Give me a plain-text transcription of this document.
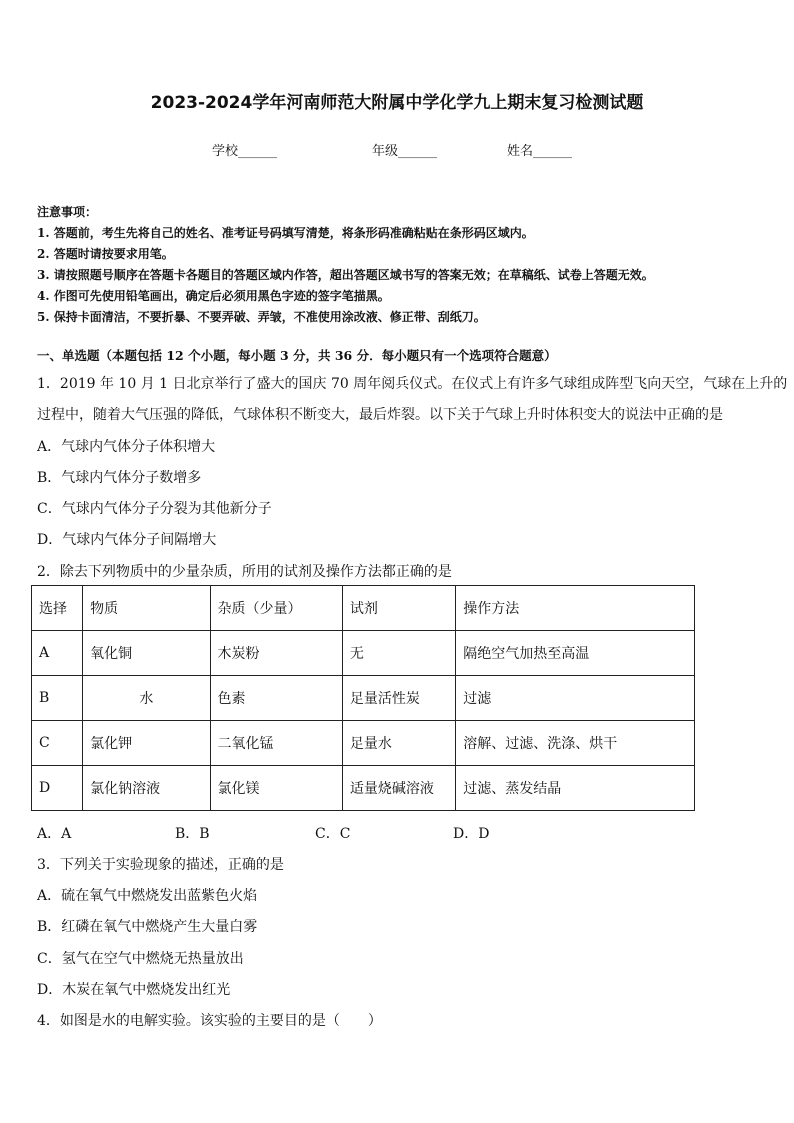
2023-2024学年河南师范大附属中学化学九上期末复习检测试题
学校______	年级______	姓名______
注意事项：
1. 答题前，考生先将自己的姓名、准考证号码填写清楚，将条形码准确粘贴在条形码区域内。
2. 答题时请按要求用笔。
3. 请按照题号顺序在答题卡各题目的答题区域内作答，超出答题区域书写的答案无效；在草稿纸、试卷上答题无效。
4. 作图可先使用铅笔画出，确定后必须用黑色字迹的签字笔描黑。
5. 保持卡面清洁，不要折暴、不要弄破、弄皱，不准使用涂改液、修正带、刮纸刀。
一、单选题（本题包括 12 个小题，每小题 3 分，共 36 分．每小题只有一个选项符合题意）
1．2019 年 10 月 1 日北京举行了盛大的国庆 70 周年阅兵仪式。在仪式上有许多气球组成阵型飞向天空，气球在上升的
过程中，随着大气压强的降低，气球体积不断变大，最后炸裂。以下关于气球上升时体积变大的说法中正确的是
A．气球内气体分子体积增大
B．气球内气体分子数增多
C．气球内气体分子分裂为其他新分子
D．气球内气体分子间隔增大
2．除去下列物质中的少量杂质，所用的试剂及操作方法都正确的是
选择	物质	杂质（少量）	试剂	操作方法
A	氧化铜	木炭粉	无	隔绝空气加热至高温
B	水	色素	足量活性炭	过滤
C	氯化钾	二氧化锰	足量水	溶解、过滤、洗涤、烘干
D	氯化钠溶液	氯化镁	适量烧碱溶液	过滤、蒸发结晶
A．A	B．B	C．C	D．D
3．下列关于实验现象的描述，正确的是
A．硫在氧气中燃烧发出蓝紫色火焰
B．红磷在氧气中燃烧产生大量白雾
C．氢气在空气中燃烧无热量放出
D．木炭在氧气中燃烧发出红光
4．如图是水的电解实验。该实验的主要目的是（　　）
